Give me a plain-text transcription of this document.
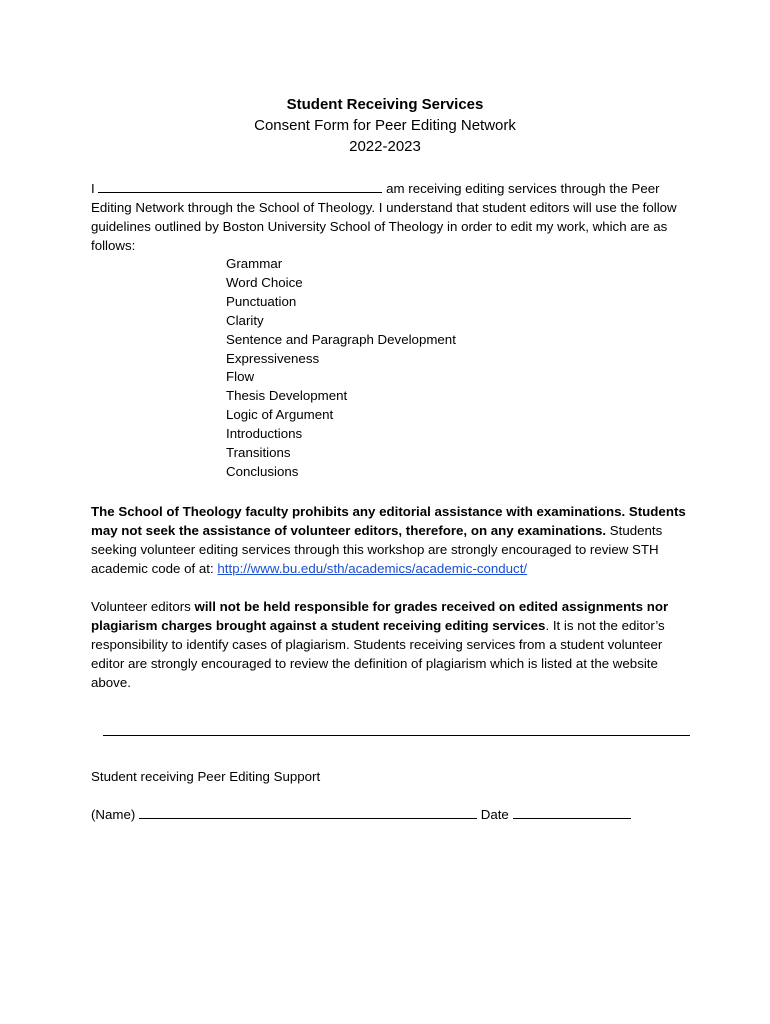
Student Receiving Services
Consent Form for Peer Editing Network
2022-2023
I	am receiving editing services through the Peer Editing Network through the School of Theology. I understand that student editors will use the follow guidelines outlined by Boston University School of Theology in order to edit my work, which are as follows:
Grammar
Word Choice
Punctuation
Clarity
Sentence and Paragraph Development
Expressiveness
Flow
Thesis Development
Logic of Argument
Introductions
Transitions
Conclusions
The School of Theology faculty prohibits any editorial assistance with examinations. Students may not seek the assistance of volunteer editors, therefore, on any examinations. Students seeking volunteer editing services through this workshop are strongly encouraged to review STH academic code of at: http://www.bu.edu/sth/academics/academic-conduct/
Volunteer editors will not be held responsible for grades received on edited assignments nor plagiarism charges brought against a student receiving editing services. It is not the editor’s responsibility to identify cases of plagiarism. Students receiving services from a student volunteer editor are strongly encouraged to review the definition of plagiarism which is listed at the website above.
Student receiving Peer Editing Support
(Name)	Date
